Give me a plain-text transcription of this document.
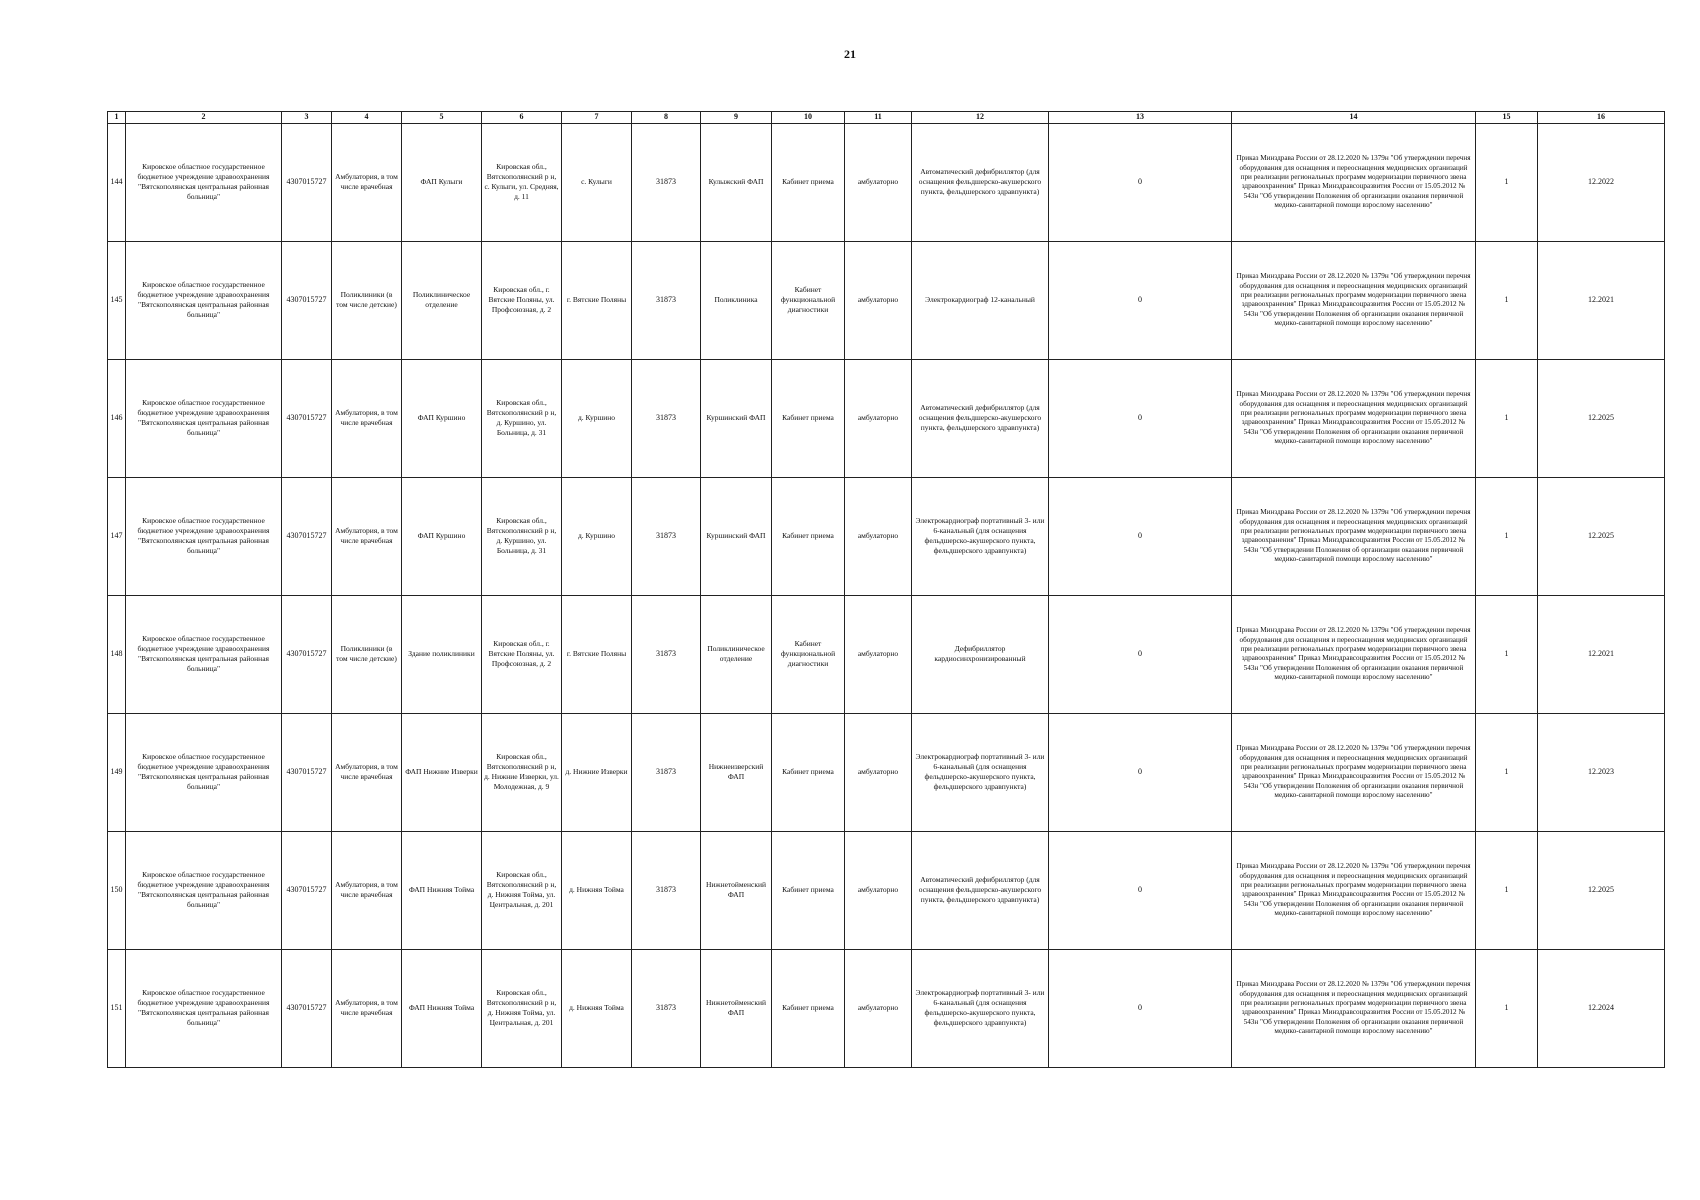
21
1	2	3	4	5	6	7	8	9	10	11	12	13	14	15	16
144	Кировское областное государственное бюджетное учреждение здравоохранения "Вятскополянская центральная районная больница"	4307015727	Амбулатория, в том числе врачебная	ФАП Кулыги	Кировская обл., Вятскополянский р н, с. Кулыги, ул. Средняя, д. 11	с. Кулыги	31873	Кулыжский ФАП	Кабинет приема	амбулаторно	Автоматический дефибриллятор (для оснащения фельдшерско-акушерского пункта, фельдшерского здравпункта)	0	Приказ Минздрава России от 28.12.2020 № 1379н "Об утверждении перечня оборудования для оснащения и переоснащения медицинских организаций при реализации региональных программ модернизации первичного звена здравоохранения" Приказ Минздравсоцразвития России от 15.05.2012 № 543н "Об утверждении Положения об организации оказания первичной медико-санитарной помощи взрослому населению"	1	12.2022
145	Кировское областное государственное бюджетное учреждение здравоохранения "Вятскополянская центральная районная больница"	4307015727	Поликлиники (в том числе детские)	Поликлиническое отделение	Кировская обл., г. Вятские Поляны, ул. Профсоюзная, д. 2	г. Вятские Поляны	31873	Поликлиника	Кабинет функциональной диагностики	амбулаторно	Электрокардиограф 12-канальный	0	Приказ Минздрава России от 28.12.2020 № 1379н "Об утверждении перечня оборудования для оснащения и переоснащения медицинских организаций при реализации региональных программ модернизации первичного звена здравоохранения" Приказ Минздравсоцразвития России от 15.05.2012 № 543н "Об утверждении Положения об организации оказания первичной медико-санитарной помощи взрослому населению"	1	12.2021
146	Кировское областное государственное бюджетное учреждение здравоохранения "Вятскополянская центральная районная больница"	4307015727	Амбулатория, в том числе врачебная	ФАП Куршино	Кировская обл., Вятскополянский р н, д. Куршино, ул. Больница, д. 31	д. Куршино	31873	Куршинский ФАП	Кабинет приема	амбулаторно	Автоматический дефибриллятор (для оснащения фельдшерско-акушерского пункта, фельдшерского здравпункта)	0	Приказ Минздрава России от 28.12.2020 № 1379н "Об утверждении перечня оборудования для оснащения и переоснащения медицинских организаций при реализации региональных программ модернизации первичного звена здравоохранения" Приказ Минздравсоцразвития России от 15.05.2012 № 543н "Об утверждении Положения об организации оказания первичной медико-санитарной помощи взрослому населению"	1	12.2025
147	Кировское областное государственное бюджетное учреждение здравоохранения "Вятскополянская центральная районная больница"	4307015727	Амбулатория, в том числе врачебная	ФАП Куршино	Кировская обл., Вятскополянский р н, д. Куршино, ул. Больница, д. 31	д. Куршино	31873	Куршинский ФАП	Кабинет приема	амбулаторно	Электрокардиограф портативный 3- или 6-канальный (для оснащения фельдшерско-акушерского пункта, фельдшерского здравпункта)	0	Приказ Минздрава России от 28.12.2020 № 1379н "Об утверждении перечня оборудования для оснащения и переоснащения медицинских организаций при реализации региональных программ модернизации первичного звена здравоохранения" Приказ Минздравсоцразвития России от 15.05.2012 № 543н "Об утверждении Положения об организации оказания первичной медико-санитарной помощи взрослому населению"	1	12.2025
148	Кировское областное государственное бюджетное учреждение здравоохранения "Вятскополянская центральная районная больница"	4307015727	Поликлиники (в том числе детские)	Здание поликлиники	Кировская обл., г. Вятские Поляны, ул. Профсоюзная, д. 2	г. Вятские Поляны	31873	Поликлиническое отделение	Кабинет функциональной диагностики	амбулаторно	Дефибриллятор кардиосинхронизированный	0	Приказ Минздрава России от 28.12.2020 № 1379н "Об утверждении перечня оборудования для оснащения и переоснащения медицинских организаций при реализации региональных программ модернизации первичного звена здравоохранения" Приказ Минздравсоцразвития России от 15.05.2012 № 543н "Об утверждении Положения об организации оказания первичной медико-санитарной помощи взрослому населению"	1	12.2021
149	Кировское областное государственное бюджетное учреждение здравоохранения "Вятскополянская центральная районная больница"	4307015727	Амбулатория, в том числе врачебная	ФАП Нижние Изверки	Кировская обл., Вятскополянский р н, д. Нижние Изверки, ул. Молодежная, д. 9	д. Нижние Изверки	31873	Нижнеизверский ФАП	Кабинет приема	амбулаторно	Электрокардиограф портативный 3- или 6-канальный (для оснащения фельдшерско-акушерского пункта, фельдшерского здравпункта)	0	Приказ Минздрава России от 28.12.2020 № 1379н "Об утверждении перечня оборудования для оснащения и переоснащения медицинских организаций при реализации региональных программ модернизации первичного звена здравоохранения" Приказ Минздравсоцразвития России от 15.05.2012 № 543н "Об утверждении Положения об организации оказания первичной медико-санитарной помощи взрослому населению"	1	12.2023
150	Кировское областное государственное бюджетное учреждение здравоохранения "Вятскополянская центральная районная больница"	4307015727	Амбулатория, в том числе врачебная	ФАП Нижняя Тойма	Кировская обл., Вятскополянский р н, д. Нижняя Тойма, ул. Центральная, д. 201	д. Нижняя Тойма	31873	Нижнетойменский ФАП	Кабинет приема	амбулаторно	Автоматический дефибриллятор (для оснащения фельдшерско-акушерского пункта, фельдшерского здравпункта)	0	Приказ Минздрава России от 28.12.2020 № 1379н "Об утверждении перечня оборудования для оснащения и переоснащения медицинских организаций при реализации региональных программ модернизации первичного звена здравоохранения" Приказ Минздравсоцразвития России от 15.05.2012 № 543н "Об утверждении Положения об организации оказания первичной медико-санитарной помощи взрослому населению"	1	12.2025
151	Кировское областное государственное бюджетное учреждение здравоохранения "Вятскополянская центральная районная больница"	4307015727	Амбулатория, в том числе врачебная	ФАП Нижняя Тойма	Кировская обл., Вятскополянский р н, д. Нижняя Тойма, ул. Центральная, д. 201	д. Нижняя Тойма	31873	Нижнетойменский ФАП	Кабинет приема	амбулаторно	Электрокардиограф портативный 3- или 6-канальный (для оснащения фельдшерско-акушерского пункта, фельдшерского здравпункта)	0	Приказ Минздрава России от 28.12.2020 № 1379н "Об утверждении перечня оборудования для оснащения и переоснащения медицинских организаций при реализации региональных программ модернизации первичного звена здравоохранения" Приказ Минздравсоцразвития России от 15.05.2012 № 543н "Об утверждении Положения об организации оказания первичной медико-санитарной помощи взрослому населению"	1	12.2024
